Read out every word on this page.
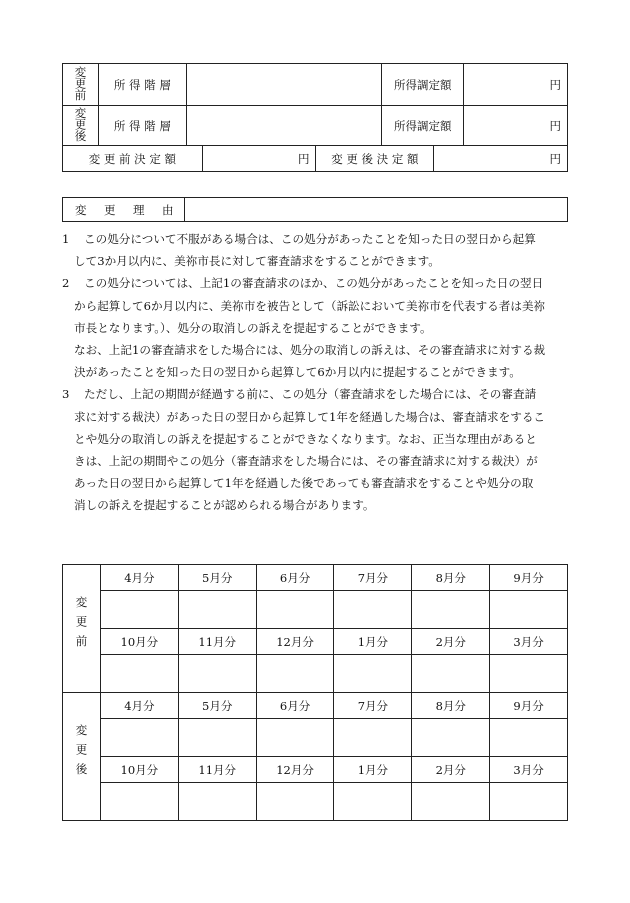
変更前	所 得 階 層		所得調定額	円
変更後	所 得 階 層		所得調定額	円
変 更 前 決 定 額	円	変 更 後 決 定 額	円
変　更　理　由	

1 この処分について不服がある場合は、この処分があったことを知った日の翌日から起算

して3か月以内に、美祢市長に対して審査請求をすることができます。

2 この処分については、上記1の審査請求のほか、この処分があったことを知った日の翌日

から起算して6か月以内に、美祢市を被告として（訴訟において美祢市を代表する者は美祢

市長となります。）、処分の取消しの訴えを提起することができます。

なお、上記1の審査請求をした場合には、処分の取消しの訴えは、その審査請求に対する裁

決があったことを知った日の翌日から起算して6か月以内に提起することができます。

3 ただし、上記の期間が経過する前に、この処分（審査請求をした場合には、その審査請

求に対する裁決）があった日の翌日から起算して1年を経過した場合は、審査請求をするこ

とや処分の取消しの訴えを提起することができなくなります。なお、正当な理由があると

きは、上記の期間やこの処分（審査請求をした場合には、その審査請求に対する裁決）が

あった日の翌日から起算して1年を経過した後であっても審査請求をすることや処分の取

消しの訴えを提起することが認められる場合があります。

変更前	4月分	5月分	6月分	7月分	8月分	9月分

	10月分	11月分	12月分	1月分	2月分	3月分

変更後	4月分	5月分	6月分	7月分	8月分	9月分

	10月分	11月分	12月分	1月分	2月分	3月分
